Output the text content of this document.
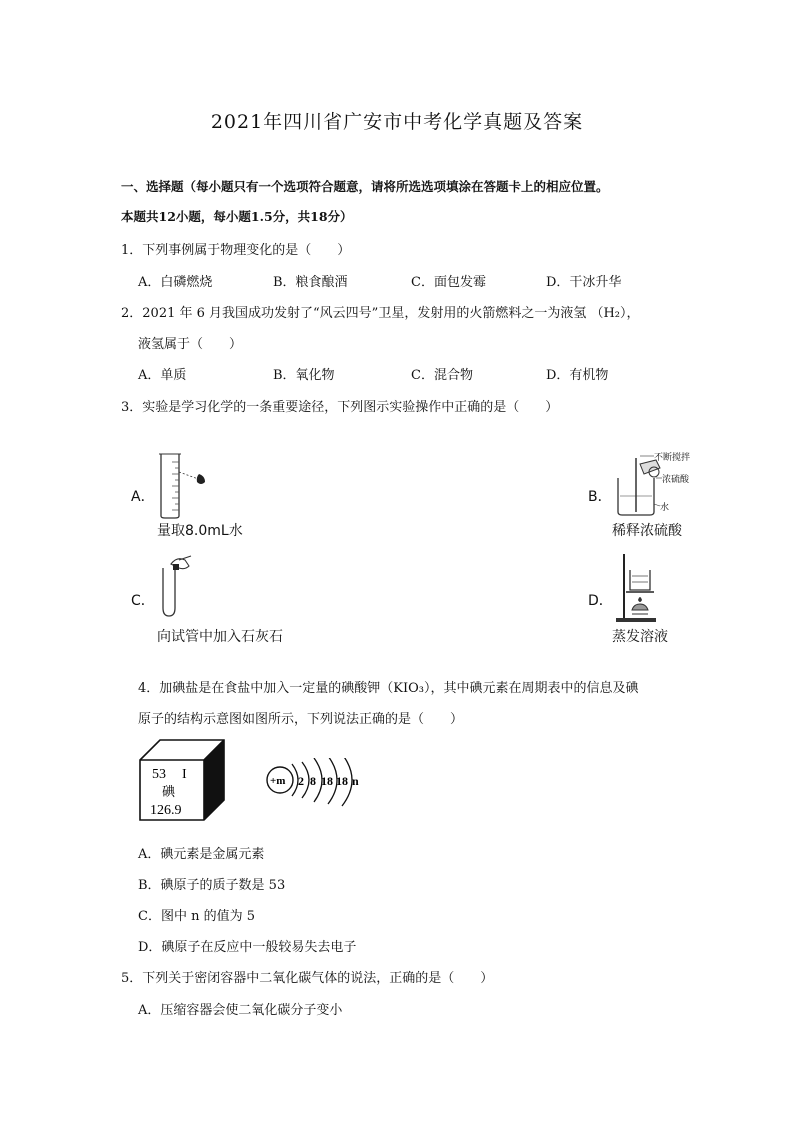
2021年四川省广安市中考化学真题及答案
一、选择题（每小题只有一个选项符合题意，请将所选选项填涂在答题卡上的相应位置。
本题共12小题，每小题1.5分，共18分）
1．下列事例属于物理变化的是（　　）
A．白磷燃烧	B．粮食酿酒	C．面包发霉	D．干冰升华
2．2021 年 6 月我国成功发射了“风云四号”卫星，发射用的火箭燃料之一为液氢 （H₂），
液氢属于（　　）
A．单质	B．氧化物	C．混合物	D．有机物
3．实验是学习化学的一条重要途径，下列图示实验操作中正确的是（　　）
A．
量取8.0mL水
B．
不断搅拌
浓硫酸
水
稀释浓硫酸
C．
向试管中加入石灰石
D．
蒸发溶液
4．加碘盐是在食盐中加入一定量的碘酸钾（KIO₃），其中碘元素在周期表中的信息及碘
原子的结构示意图如图所示，下列说法正确的是（　　）
53 I
碘
126.9
+m 2 8 18 18 n
A．碘元素是金属元素
B．碘原子的质子数是 53
C．图中 n 的值为 5
D．碘原子在反应中一般较易失去电子
5．下列关于密闭容器中二氧化碳气体的说法，正确的是（　　）
A．压缩容器会使二氧化碳分子变小
